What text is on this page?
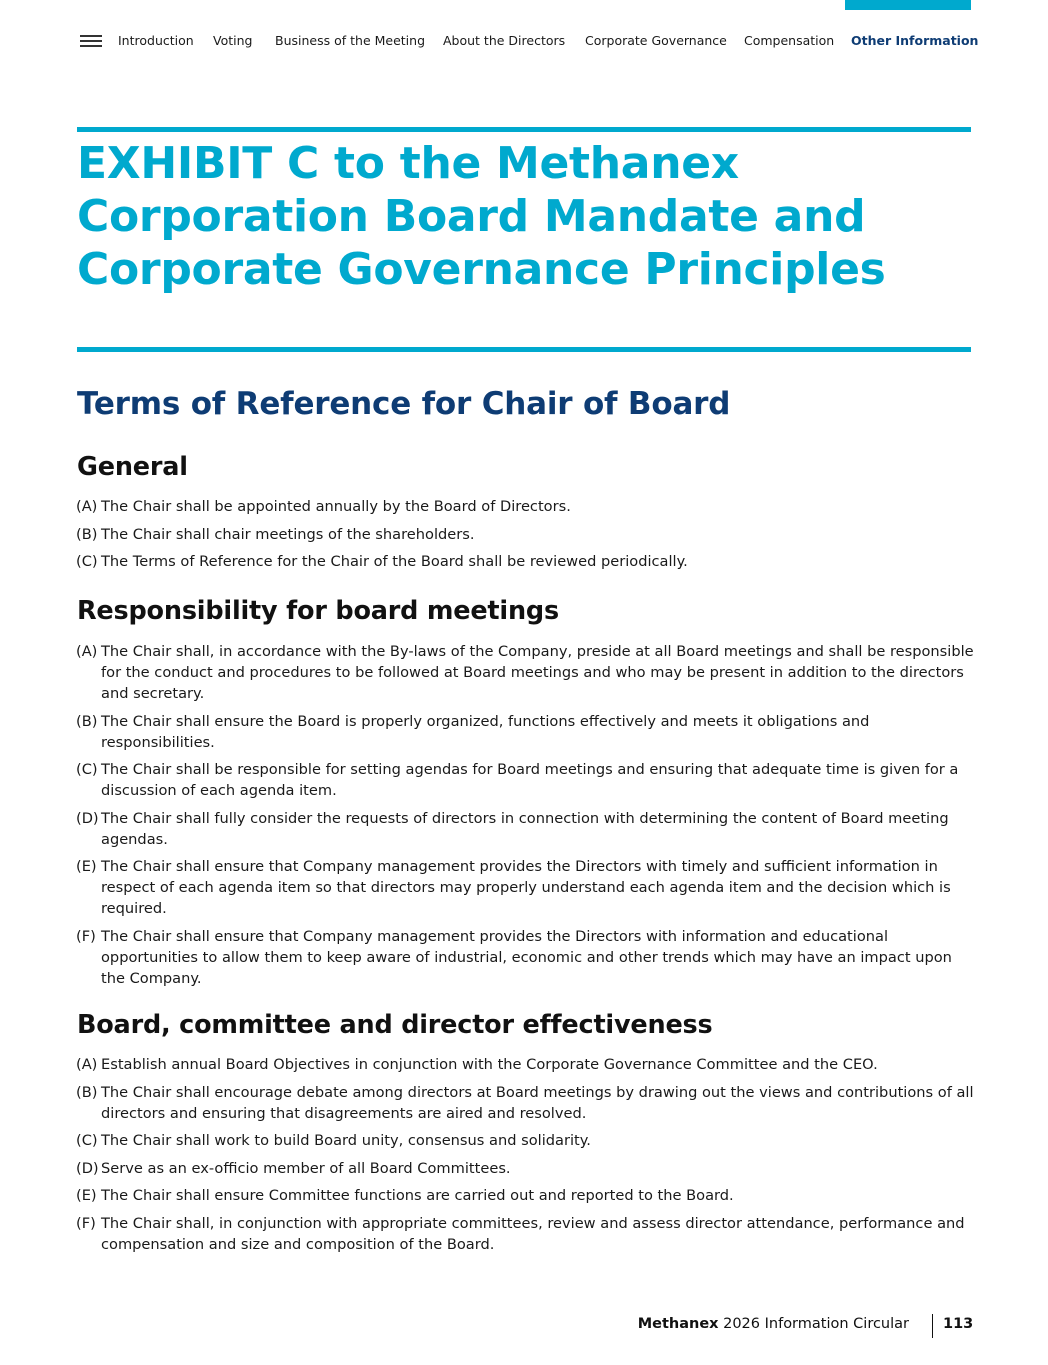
Introduction Voting Business of the Meeting About the Directors Corporate Governance Compensation Other Information
EXHIBIT C to the Methanex Corporation Board Mandate and Corporate Governance Principles
Terms of Reference for Chair of Board
General
(A) The Chair shall be appointed annually by the Board of Directors.
(B) The Chair shall chair meetings of the shareholders.
(C) The Terms of Reference for the Chair of the Board shall be reviewed periodically.
Responsibility for board meetings
(A) The Chair shall, in accordance with the By-laws of the Company, preside at all Board meetings and shall be responsible for the conduct and procedures to be followed at Board meetings and who may be present in addition to the directors and secretary.
(B) The Chair shall ensure the Board is properly organized, functions effectively and meets it obligations and responsibilities.
(C) The Chair shall be responsible for setting agendas for Board meetings and ensuring that adequate time is given for a discussion of each agenda item.
(D) The Chair shall fully consider the requests of directors in connection with determining the content of Board meeting agendas.
(E) The Chair shall ensure that Company management provides the Directors with timely and sufficient information in respect of each agenda item so that directors may properly understand each agenda item and the decision which is required.
(F) The Chair shall ensure that Company management provides the Directors with information and educational opportunities to allow them to keep aware of industrial, economic and other trends which may have an impact upon the Company.
Board, committee and director effectiveness
(A) Establish annual Board Objectives in conjunction with the Corporate Governance Committee and the CEO.
(B) The Chair shall encourage debate among directors at Board meetings by drawing out the views and contributions of all directors and ensuring that disagreements are aired and resolved.
(C) The Chair shall work to build Board unity, consensus and solidarity.
(D) Serve as an ex-officio member of all Board Committees.
(E) The Chair shall ensure Committee functions are carried out and reported to the Board.
(F) The Chair shall, in conjunction with appropriate committees, review and assess director attendance, performance and compensation and size and composition of the Board.
Methanex 2026 Information Circular 113
